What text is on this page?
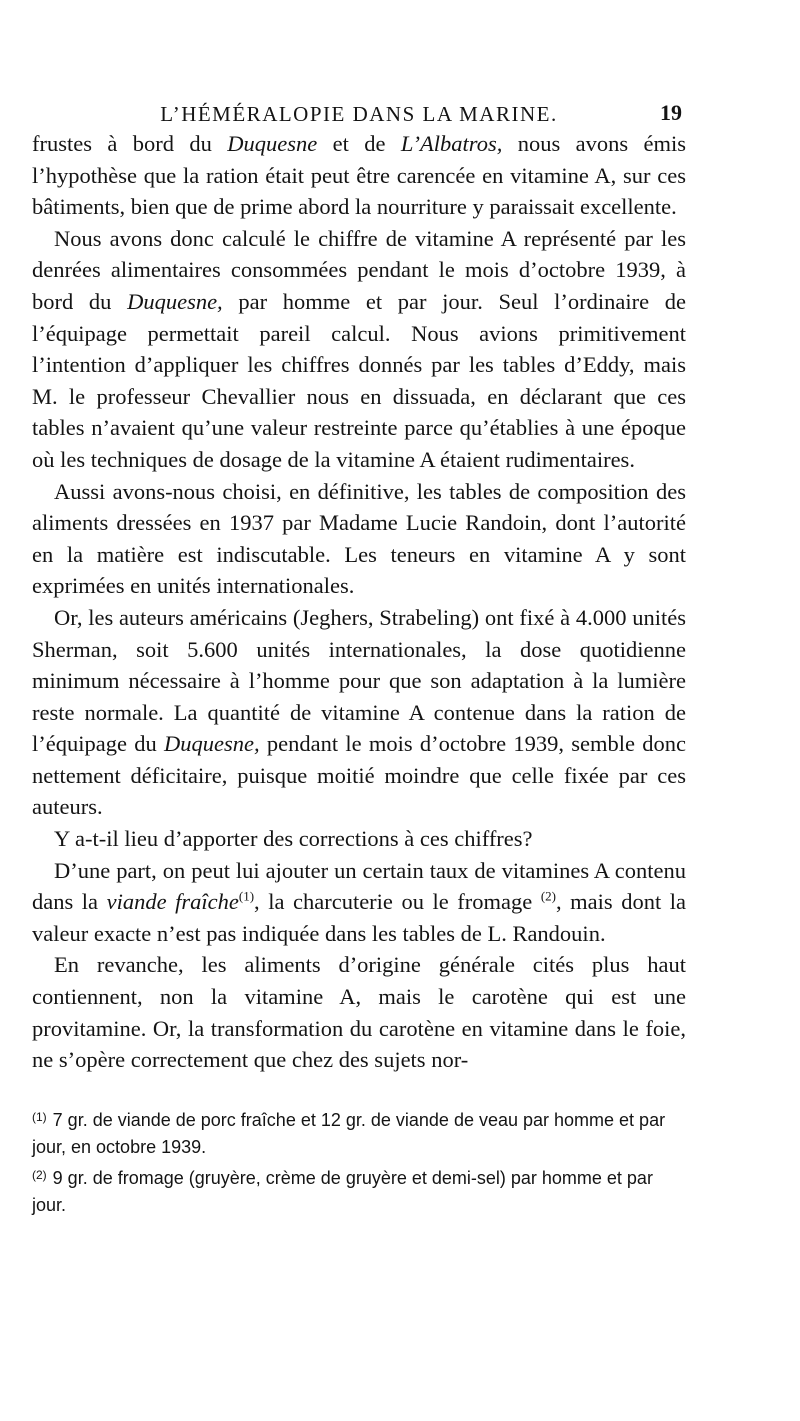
L’HÉMÉRALOPIE DANS LA MARINE.	19

frustes à bord du Duquesne et de L’Albatros, nous avons émis l’hypothèse que la ration était peut être carencée en vitamine A, sur ces bâtiments, bien que de prime abord la nourriture y paraissait excellente.

Nous avons donc calculé le chiffre de vitamine A représenté par les denrées alimentaires consommées pendant le mois d’octobre 1939, à bord du Duquesne, par homme et par jour. Seul l’ordinaire de l’équipage permettait pareil calcul. Nous avions primitivement l’intention d’appliquer les chiffres donnés par les tables d’Eddy, mais M. le professeur Chevallier nous en dissuada, en déclarant que ces tables n’avaient qu’une valeur restreinte parce qu’établies à une époque où les techniques de dosage de la vitamine A étaient rudimentaires.

Aussi avons-nous choisi, en définitive, les tables de composition des aliments dressées en 1937 par Madame Lucie Randoin, dont l’autorité en la matière est indiscutable. Les teneurs en vitamine A y sont exprimées en unités internationales.

Or, les auteurs américains (Jeghers, Strabeling) ont fixé à 4.000 unités Sherman, soit 5.600 unités internationales, la dose quotidienne minimum nécessaire à l’homme pour que son adaptation à la lumière reste normale. La quantité de vitamine A contenue dans la ration de l’équipage du Duquesne, pendant le mois d’octobre 1939, semble donc nettement déficitaire, puisque moitié moindre que celle fixée par ces auteurs.

Y a-t-il lieu d’apporter des corrections à ces chiffres?

D’une part, on peut lui ajouter un certain taux de vitamines A contenu dans la viande fraîche$^{(1)}$, la charcuterie ou le fromage $^{(2)}$, mais dont la valeur exacte n’est pas indiquée dans les tables de L. Randouin.

En revanche, les aliments d’origine générale cités plus haut contiennent, non la vitamine A, mais le carotène qui est une provitamine. Or, la transformation du carotène en vitamine dans le foie, ne s’opère correctement que chez des sujets nor-

$^{(1)}$ 7 gr. de viande de porc fraîche et 12 gr. de viande de veau par homme et par jour, en octobre 1939.

$^{(2)}$ 9 gr. de fromage (gruyère, crème de gruyère et demi-sel) par homme et par jour.
